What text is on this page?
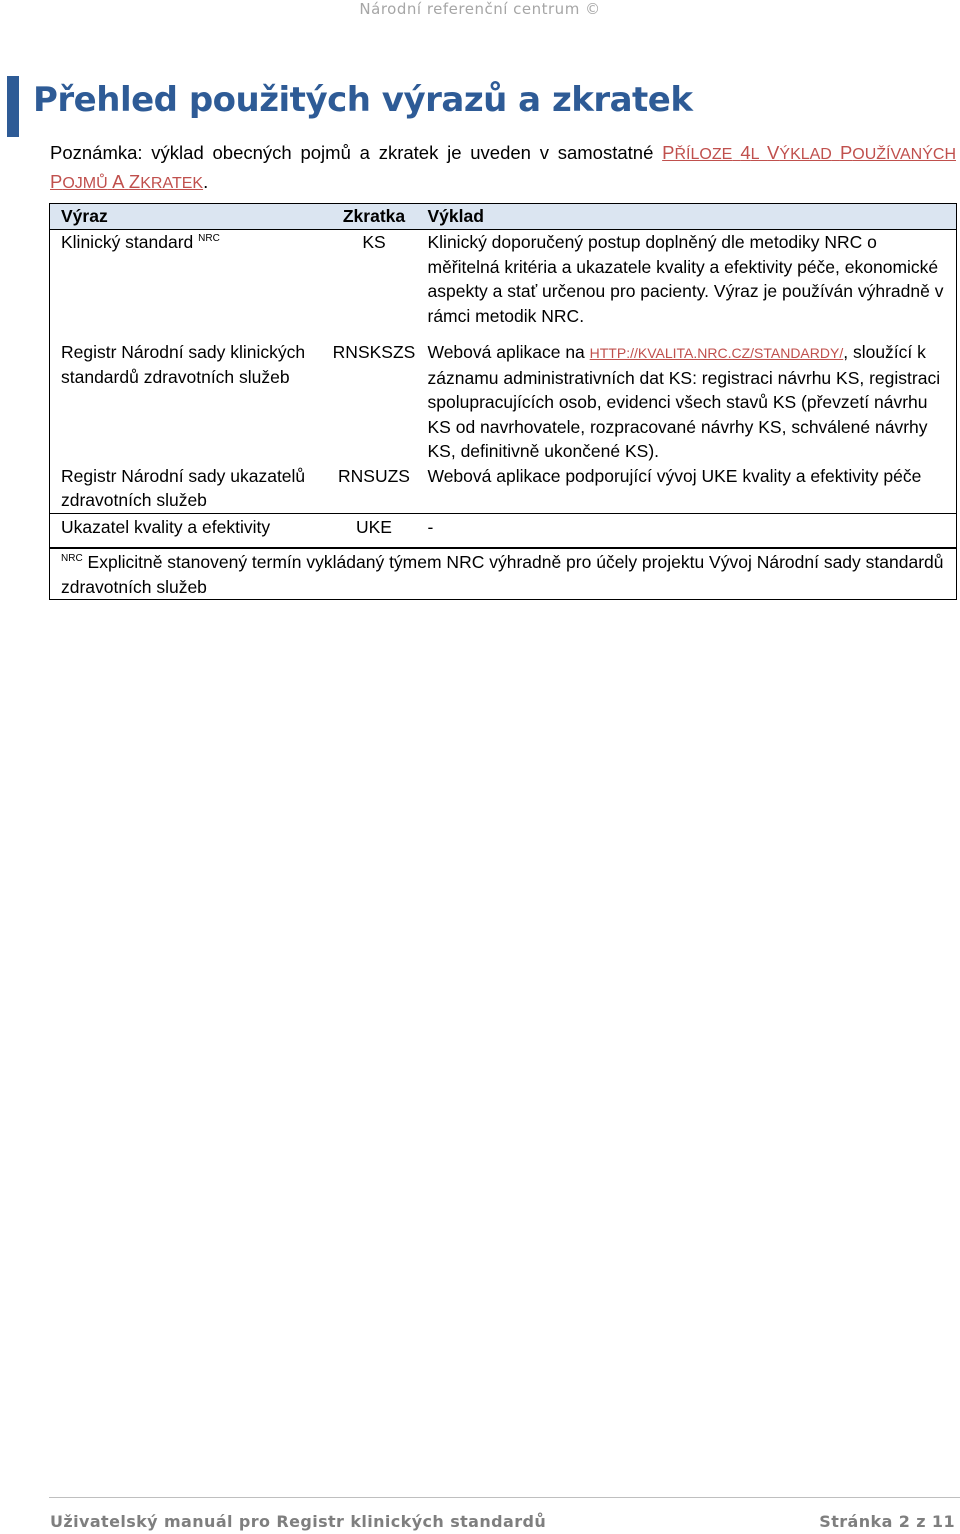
Národní referenční centrum ©
Přehled použitých výrazů a zkratek

Poznámka: výklad obecných pojmů a zkratek je uveden v samostatné PŘÍLOZE 4L VÝKLAD POUŽÍVANÝCH POJMŮ A ZKRATEK.

Výraz	Zkratka	Výklad
Klinický standard $^{NRC}$	KS	Klinický doporučený postup doplněný dle metodiky NRC o měřitelná kritéria a ukazatele kvality a efektivity péče, ekonomické aspekty a stať určenou pro pacienty. Výraz je používán výhradně v rámci metodik NRC.
Registr Národní sady klinických standardů zdravotních služeb	RNSKSZS	Webová aplikace na HTTP://KVALITA.NRC.CZ/STANDARDY/, sloužící k záznamu administrativních dat KS: registraci návrhu KS, registraci spolupracujících osob, evidenci všech stavů KS (převzetí návrhu KS od navrhovatele, rozpracované návrhy KS, schválené návrhy KS, definitivně ukončené KS).
Registr Národní sady ukazatelů zdravotních služeb	RNSUZS	Webová aplikace podporující vývoj UKE kvality a efektivity péče
Ukazatel kvality a efektivity	UKE	-
$^{NRC}$ Explicitně stanovený termín vykládaný týmem NRC výhradně pro účely projektu Vývoj Národní sady standardů zdravotních služeb
Uživatelský manuál pro Registr klinických standardů	Stránka 2 z 11
